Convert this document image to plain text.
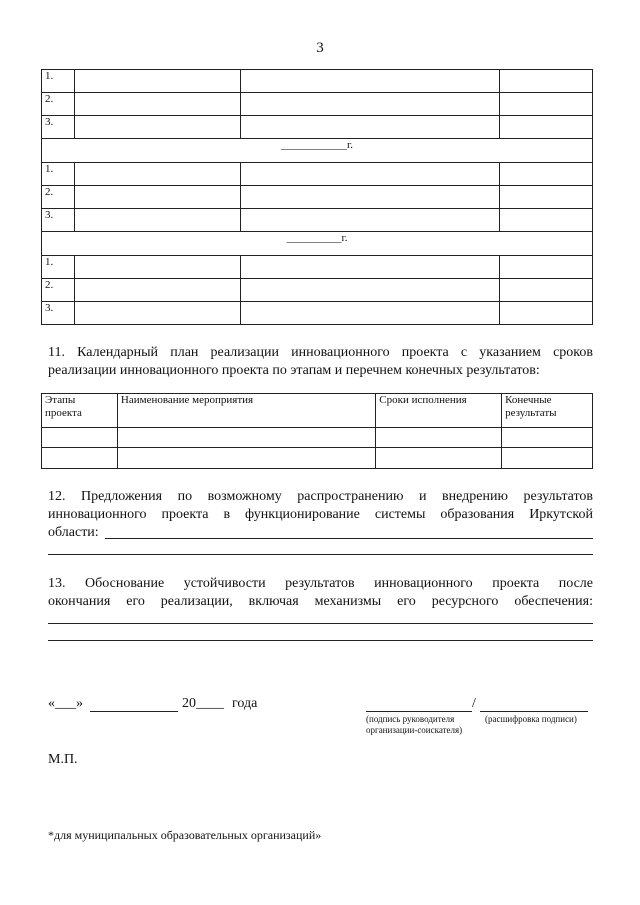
3
1.			
2.			
3.			
____________г.			
1.			
2.			
3.			
__________г.			
1.			
2.			
3.			
11. Календарный план реализации инновационного проекта с указанием сроков
реализации инновационного проекта по этапам и перечнем конечных результатов:
Этапы проекта	Наименование мероприятия	Сроки исполнения	Конечные результаты

12. Предложения по возможному распространению и внедрению результатов
инновационного проекта в функционирование системы образования Иркутской
области:
13. Обоснование устойчивости результатов инновационного проекта после
окончания его реализации, включая механизмы его ресурсного обеспечения:
«___»	20____ года	/
(подпись руководителя
организации-соискателя)
(расшифровка подписи)
М.П.
*для муниципальных образовательных организаций»
